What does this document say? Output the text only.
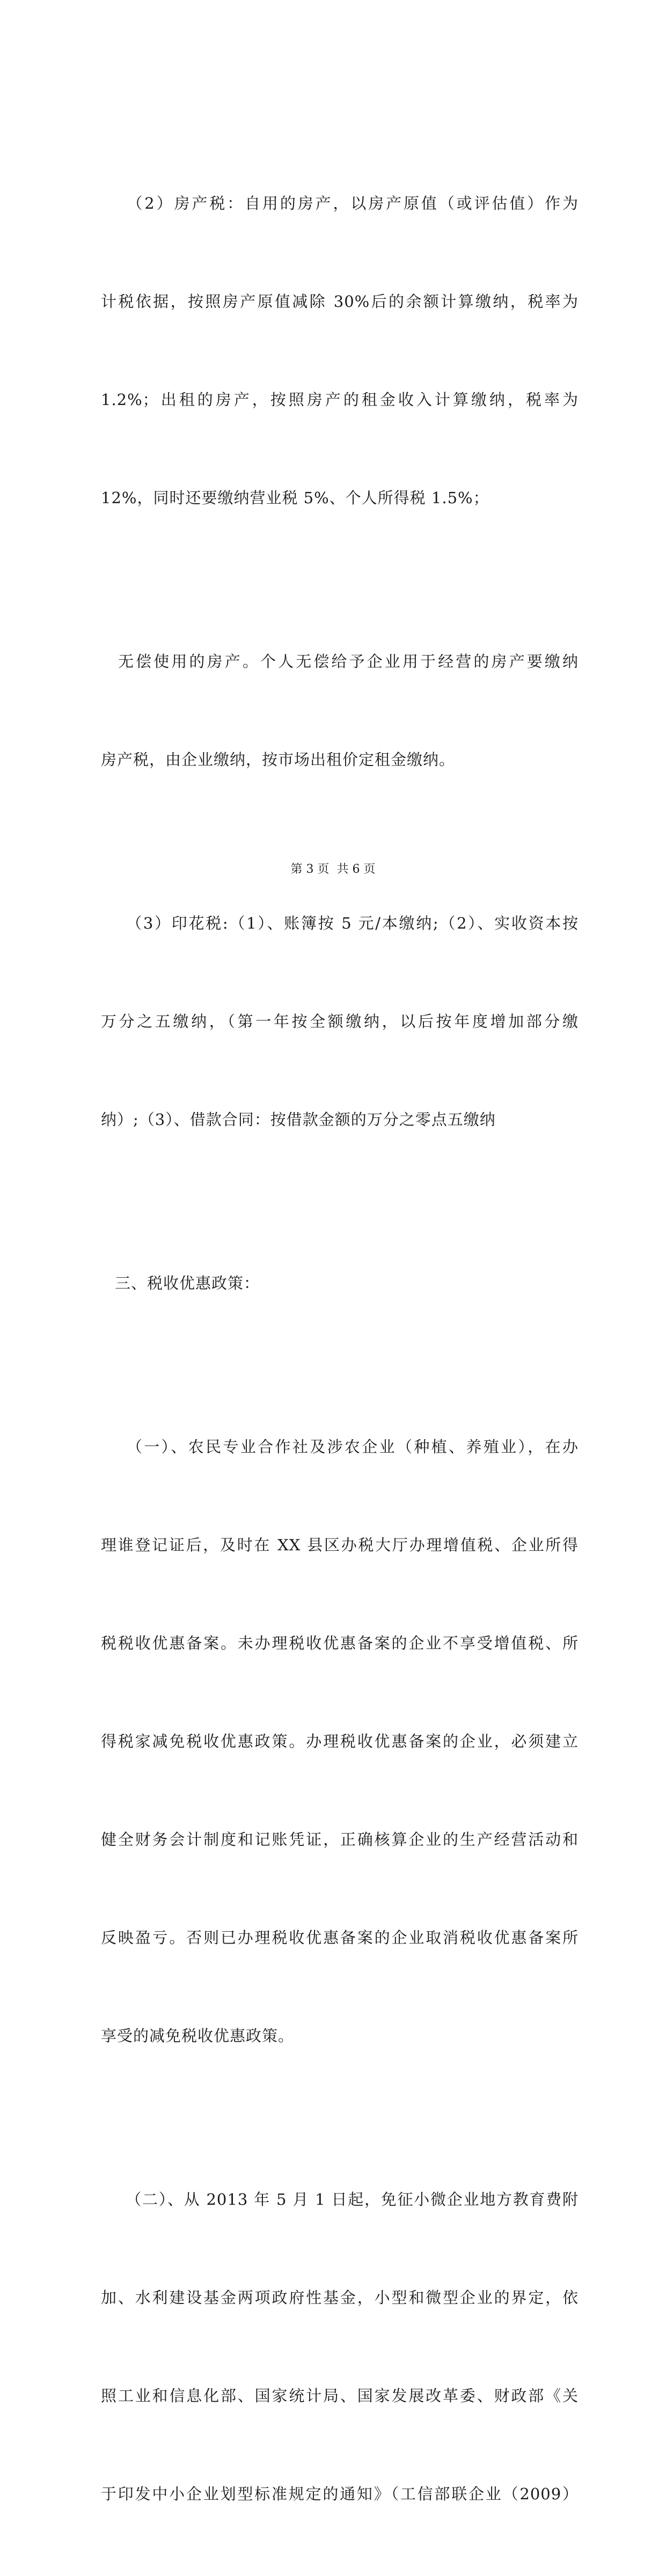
　（2）房产税：自用的房产，以房产原值（或评估值）作为

计税依据，按照房产原值减除 30%后的余额计算缴纳，税率为

1.2%；出租的房产，按照房产的租金收入计算缴纳，税率为

12%，同时还要缴纳营业税 5%、个人所得税 1.5%；

无偿使用的房产。个人无偿给予企业用于经营的房产要缴纳

房产税，由企业缴纳，按市场出租价定租金缴纳。

　（3）印花税:（1）、账簿按 5 元/本缴纳;（2）、实收资本按

万分之五缴纳，（第一年按全额缴纳，以后按年度增加部分缴

纳）;（3）、借款合同：按借款金额的万分之零点五缴纳

三、税收优惠政策：

　（一）、农民专业合作社及涉农企业（种植、养殖业），在办

理谁登记证后，及时在 XX 县区办税大厅办理增值税、企业所得

税税收优惠备案。未办理税收优惠备案的企业不享受增值税、所

得税家减免税收优惠政策。办理税收优惠备案的企业，必须建立

健全财务会计制度和记账凭证，正确核算企业的生产经营活动和

反映盈亏。否则已办理税收优惠备案的企业取消税收优惠备案所

享受的减免税收优惠政策。

　（二）、从 2013 年 5 月 1 日起，免征小微企业地方教育费附

加、水利建设基金两项政府性基金，小型和微型企业的界定，依

照工业和信息化部、国家统计局、国家发展改革委、财政部《关

于印发中小企业划型标准规定的通知》（工信部联企业（2009）

第 3 页  共 6 页
